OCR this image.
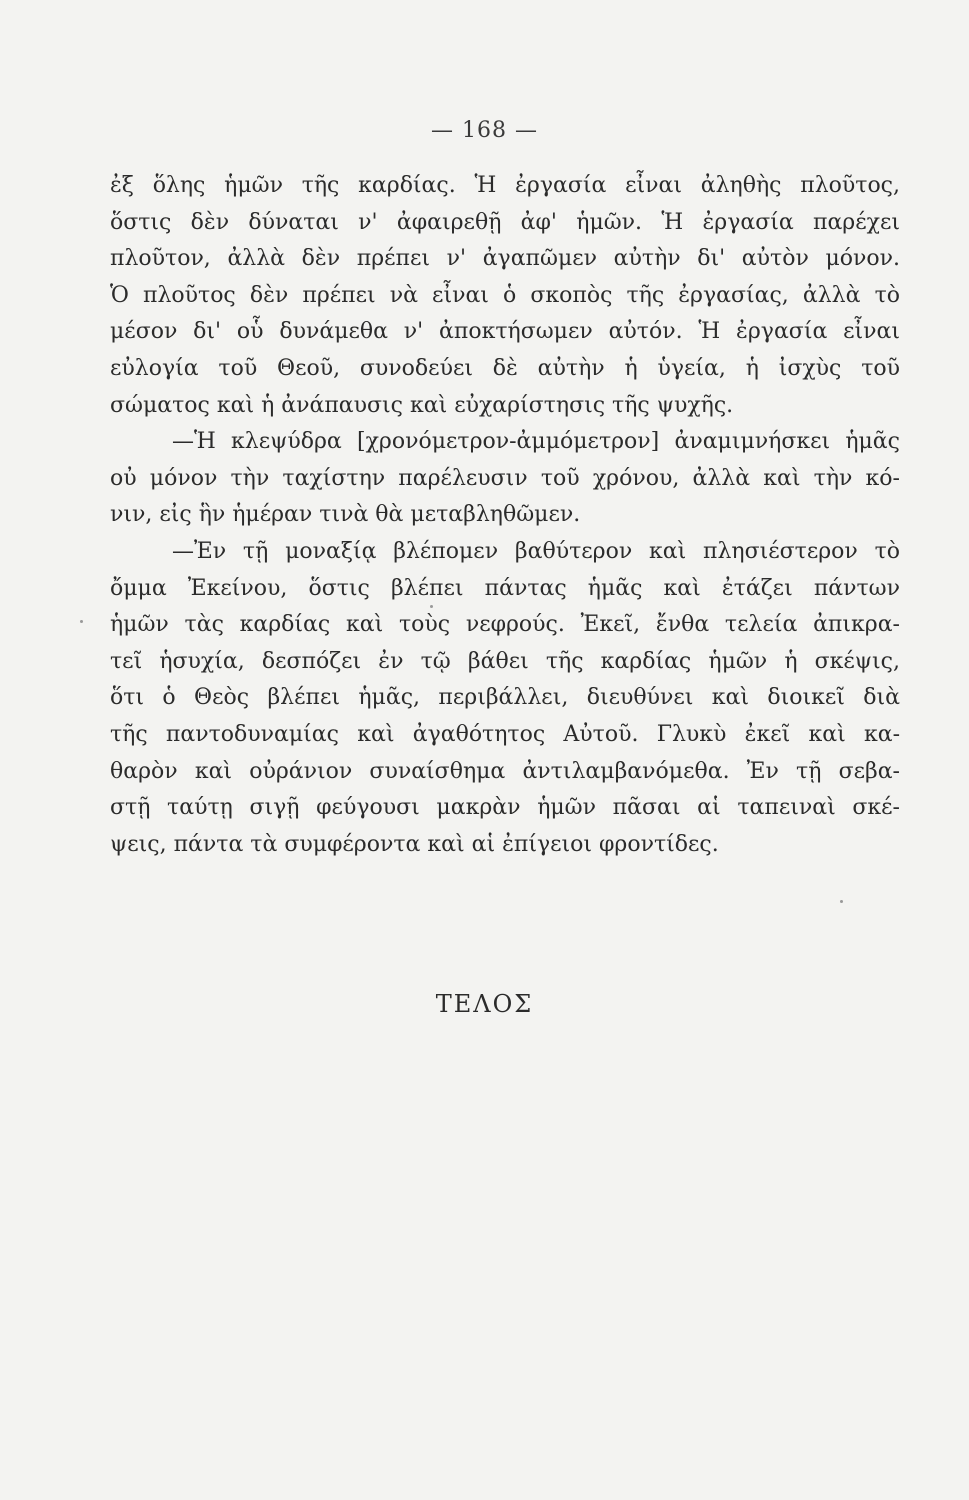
— 168 —
ἐξ ὅλης ἡμῶν τῆς καρδίας. Ἡ ἐργασία εἶναι ἀληθὴς πλοῦτος,
ὅστις δὲν δύναται ν' ἀφαιρεθῇ ἀφ' ἡμῶν. Ἡ ἐργασία παρέχει
πλοῦτον, ἀλλὰ δὲν πρέπει ν' ἀγαπῶμεν αὐτὴν δι' αὐτὸν μόνον.
Ὁ πλοῦτος δὲν πρέπει νὰ εἶναι ὁ σκοπὸς τῆς ἐργασίας, ἀλλὰ τὸ
μέσον δι' οὗ δυνάμεθα ν' ἀποκτήσωμεν αὐτόν. Ἡ ἐργασία εἶναι
εὐλογία τοῦ Θεοῦ, συνοδεύει δὲ αὐτὴν ἡ ὑγεία, ἡ ἰσχὺς τοῦ
σώματος καὶ ἡ ἀνάπαυσις καὶ εὐχαρίστησις τῆς ψυχῆς.
—Ἡ κλεψύδρα [χρονόμετρον-ἀμμόμετρον] ἀναμιμνήσκει ἡμᾶς
οὐ μόνον τὴν ταχίστην παρέλευσιν τοῦ χρόνου, ἀλλὰ καὶ τὴν κό-
νιν, εἰς ἣν ἡμέραν τινὰ θὰ μεταβληθῶμεν.
—Ἐν τῇ μοναξίᾳ βλέπομεν βαθύτερον καὶ πλησιέστερον τὸ
ὄμμα Ἐκείνου, ὅστις βλέπει πάντας ἡμᾶς καὶ ἐτάζει πάντων
ἡμῶν τὰς καρδίας καὶ τοὺς νεφρούς. Ἐκεῖ, ἔνθα τελεία ἀπικρα-
τεῖ ἡσυχία, δεσπόζει ἐν τῷ βάθει τῆς καρδίας ἡμῶν ἡ σκέψις,
ὅτι ὁ Θεὸς βλέπει ἡμᾶς, περιβάλλει, διευθύνει καὶ διοικεῖ διὰ
τῆς παντοδυναμίας καὶ ἀγαθότητος Αὐτοῦ. Γλυκὺ ἐκεῖ καὶ κα-
θαρὸν καὶ οὐράνιον συναίσθημα ἀντιλαμβανόμεθα. Ἐν τῇ σεβα-
στῇ ταύτῃ σιγῇ φεύγουσι μακρὰν ἡμῶν πᾶσαι αἱ ταπειναὶ σκέ-
ψεις, πάντα τὰ συμφέροντα καὶ αἱ ἐπίγειοι φροντίδες.
ΤΕΛΟΣ
